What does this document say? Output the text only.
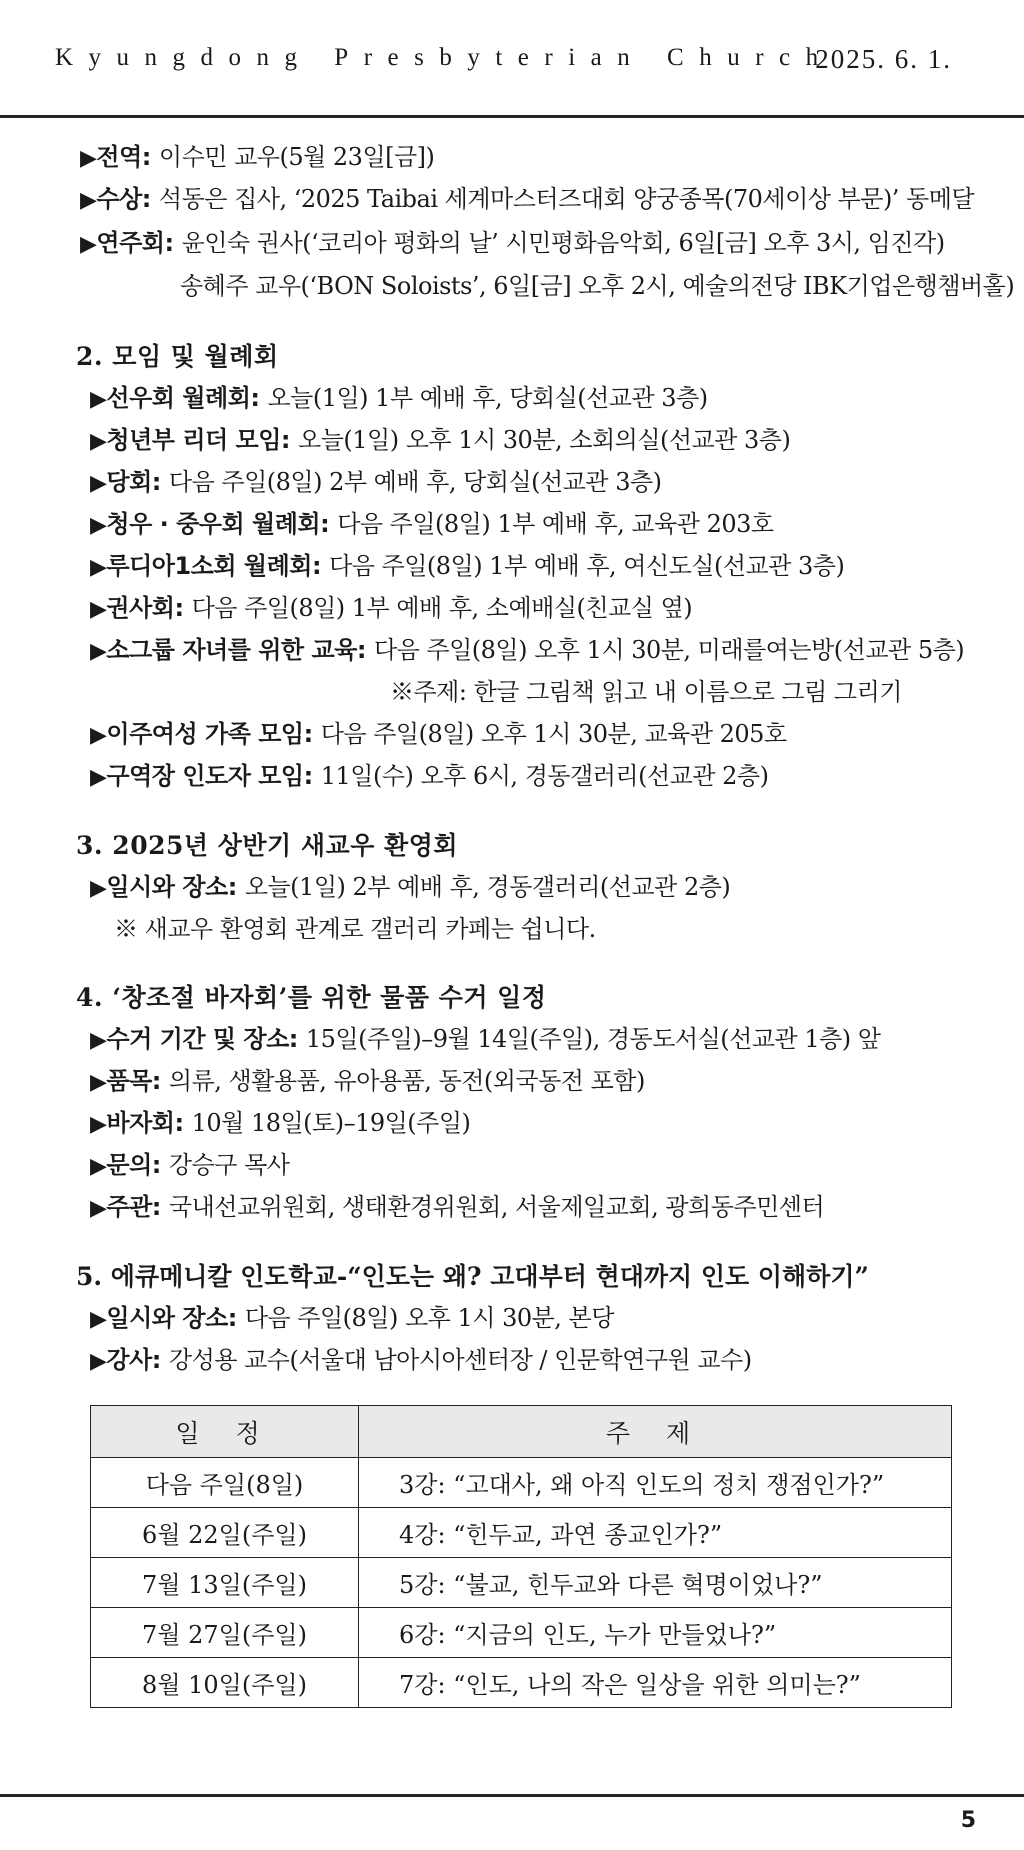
Kyungdong Presbyterian Church
2025. 6. 1.
▶전역: 이수민 교우(5월 23일[금])
▶수상: 석동은 집사, ‘2025 Taibai 세계마스터즈대회 양궁종목(70세이상 부문)’ 동메달
▶연주회: 윤인숙 권사(‘코리아 평화의 날’ 시민평화음악회, 6일[금] 오후 3시, 임진각)
송혜주 교우(‘BON Soloists’, 6일[금] 오후 2시, 예술의전당 IBK기업은행챔버홀)
2. 모임 및 월례회
▶선우회 월례회: 오늘(1일) 1부 예배 후, 당회실(선교관 3층)
▶청년부 리더 모임: 오늘(1일) 오후 1시 30분, 소회의실(선교관 3층)
▶당회: 다음 주일(8일) 2부 예배 후, 당회실(선교관 3층)
▶청우 · 중우회 월례회: 다음 주일(8일) 1부 예배 후, 교육관 203호
▶루디아1소회 월례회: 다음 주일(8일) 1부 예배 후, 여신도실(선교관 3층)
▶권사회: 다음 주일(8일) 1부 예배 후, 소예배실(친교실 옆)
▶소그룹 자녀를 위한 교육: 다음 주일(8일) 오후 1시 30분, 미래를여는방(선교관 5층)
※주제: 한글 그림책 읽고 내 이름으로 그림 그리기
▶이주여성 가족 모임: 다음 주일(8일) 오후 1시 30분, 교육관 205호
▶구역장 인도자 모임: 11일(수) 오후 6시, 경동갤러리(선교관 2층)
3. 2025년 상반기 새교우 환영회
▶일시와 장소: 오늘(1일) 2부 예배 후, 경동갤러리(선교관 2층)
※ 새교우 환영회 관계로 갤러리 카페는 쉽니다.
4. ‘창조절 바자회’를 위한 물품 수거 일정
▶수거 기간 및 장소: 15일(주일)–9월 14일(주일), 경동도서실(선교관 1층) 앞
▶품목: 의류, 생활용품, 유아용품, 동전(외국동전 포함)
▶바자회: 10월 18일(토)–19일(주일)
▶문의: 강승구 목사
▶주관: 국내선교위원회, 생태환경위원회, 서울제일교회, 광희동주민센터
5. 에큐메니칼 인도학교-“인도는 왜? 고대부터 현대까지 인도 이해하기”
▶일시와 장소: 다음 주일(8일) 오후 1시 30분, 본당
▶강사: 강성용 교수(서울대 남아시아센터장 / 인문학연구원 교수)
일 정	주 제
다음 주일(8일)	3강: “고대사, 왜 아직 인도의 정치 쟁점인가?”
6월 22일(주일)	4강: “힌두교, 과연 종교인가?”
7월 13일(주일)	5강: “불교, 힌두교와 다른 혁명이었나?”
7월 27일(주일)	6강: “지금의 인도, 누가 만들었나?”
8월 10일(주일)	7강: “인도, 나의 작은 일상을 위한 의미는?”
5
